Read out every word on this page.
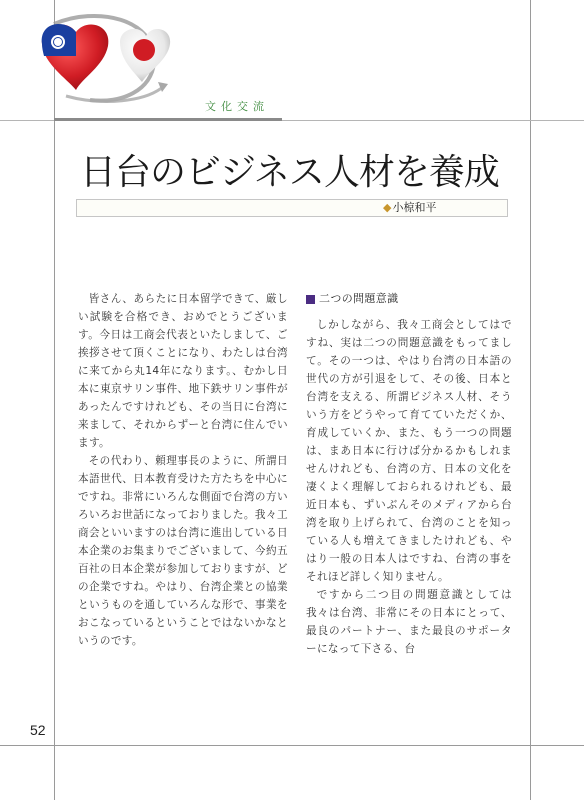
文化交流
日台のビジネス人材を養成
◆小椋和平

皆さん、あらたに日本留学できて、厳しい試験を合格でき、おめでとうございます。今日は工商会代表といたしまして、ご挨拶させて頂くことになり、わたしは台湾に来てから丸14年になります。、むかし日本に東京サリン事件、地下鉄サリン事件があったんですけれども、その当日に台湾に来まして、それからずーと台湾に住んでいます。

その代わり、頼理事長のように、所謂日本語世代、日本教育受けた方たちを中心にですね。非常にいろんな側面で台湾の方いろいろお世話になっておりました。我々工商会といいますのは台湾に進出している日本企業のお集まりでございまして、今約五百社の日本企業が参加しておりますが、どの企業ですね。やはり、台湾企業との協業というものを通していろんな形で、事業をおこなっているということではないかなというのです。

二つの問題意識

しかしながら、我々工商会としてはですね、実は二つの問題意識をもってまして。その一つは、やはり台湾の日本語の世代の方が引退をして、その後、日本と台湾を支える、所謂ビジネス人材、そういう方をどうやって育てていただくか、育成していくか、また、もう一つの問題は、まあ日本に行けば分かるかもしれませんけれども、台湾の方、日本の文化を凄くよく理解しておられるけれども、最近日本も、ずいぶんそのメディアから台湾を取り上げられて、台湾のことを知っている人も増えてきましたけれども、やはり一般の日本人はですね、台湾の事をそれほど詳しく知りません。

ですから二つ目の問題意識としては　我々は台湾、非常にその日本にとって、最良のパートナー、また最良のサポーターになって下さる、台

52
